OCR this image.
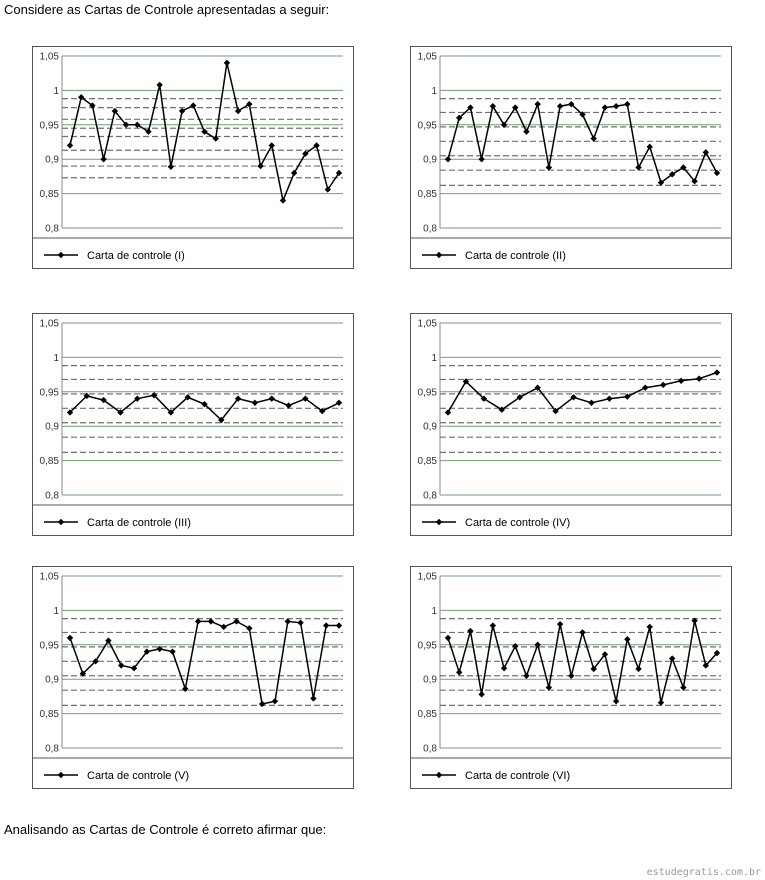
Considere as Cartas de Controle apresentadas a seguir:
0,8
0,85
0,9
0,95
1
1,05
Carta de controle (I)
0,8
0,85
0,9
0,95
1
1,05
Carta de controle (II)
0,8
0,85
0,9
0,95
1
1,05
Carta de controle (III)
0,8
0,85
0,9
0,95
1
1,05
Carta de controle (IV)
0,8
0,85
0,9
0,95
1
1,05
Carta de controle (V)
0,8
0,85
0,9
0,95
1
1,05
Carta de controle (VI)
Analisando as Cartas de Controle é correto afirmar que:
estudegratis.com.br
